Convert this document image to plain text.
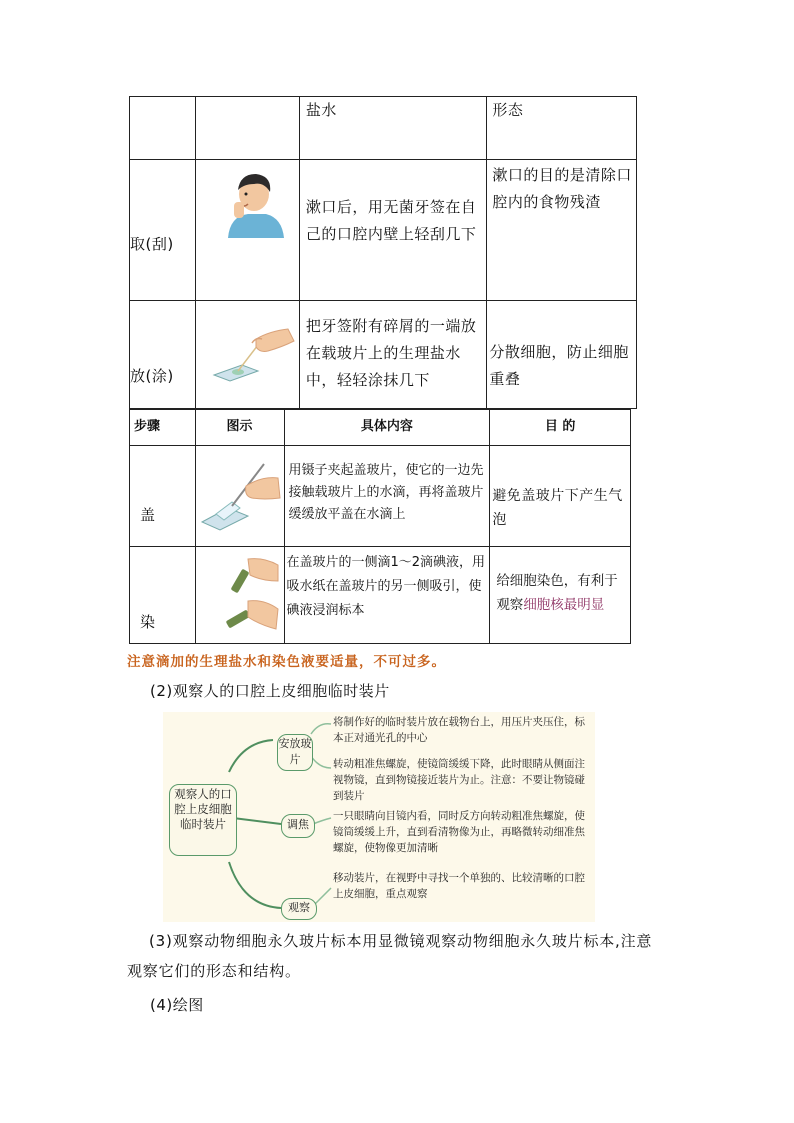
		盐水	形态

取(刮)		漱口后，用无菌牙签在自己的口腔内壁上轻刮几下	漱口的目的是清除口腔内的食物残渣

放(涂)		把牙签附有碎屑的一端放在载玻片上的生理盐水中，轻轻涂抹几下	分散细胞，防止细胞重叠
步骤	图示	具体内容	目 的

盖		用镊子夹起盖玻片，使它的一边先接触载玻片上的水滴，再将盖玻片缓缓放平盖在水滴上	避免盖玻片下产生气泡

染		在盖玻片的一侧滴1～2滴碘液，用吸水纸在盖玻片的另一侧吸引，使碘液浸润标本	给细胞染色，有利于观察细胞核最明显
注意滴加的生理盐水和染色液要适量，不可过多。
(2)观察人的口腔上皮细胞临时装片
观察人的口腔上皮细胞临时装片
安放玻片
调焦
观察
将制作好的临时装片放在载物台上，用压片夹压住，标本正对通光孔的中心
转动粗准焦螺旋，使镜筒缓缓下降，此时眼睛从侧面注视物镜，直到物镜接近装片为止。注意：不要让物镜碰到装片
一只眼睛向目镜内看，同时反方向转动粗准焦螺旋，使镜筒缓缓上升，直到看清物像为止，再略微转动细准焦螺旋，使物像更加清晰
移动装片，在视野中寻找一个单独的、比较清晰的口腔上皮细胞，重点观察
(3)观察动物细胞永久玻片标本用显微镜观察动物细胞永久玻片标本,注意观察它们的形态和结构。
(4)绘图
